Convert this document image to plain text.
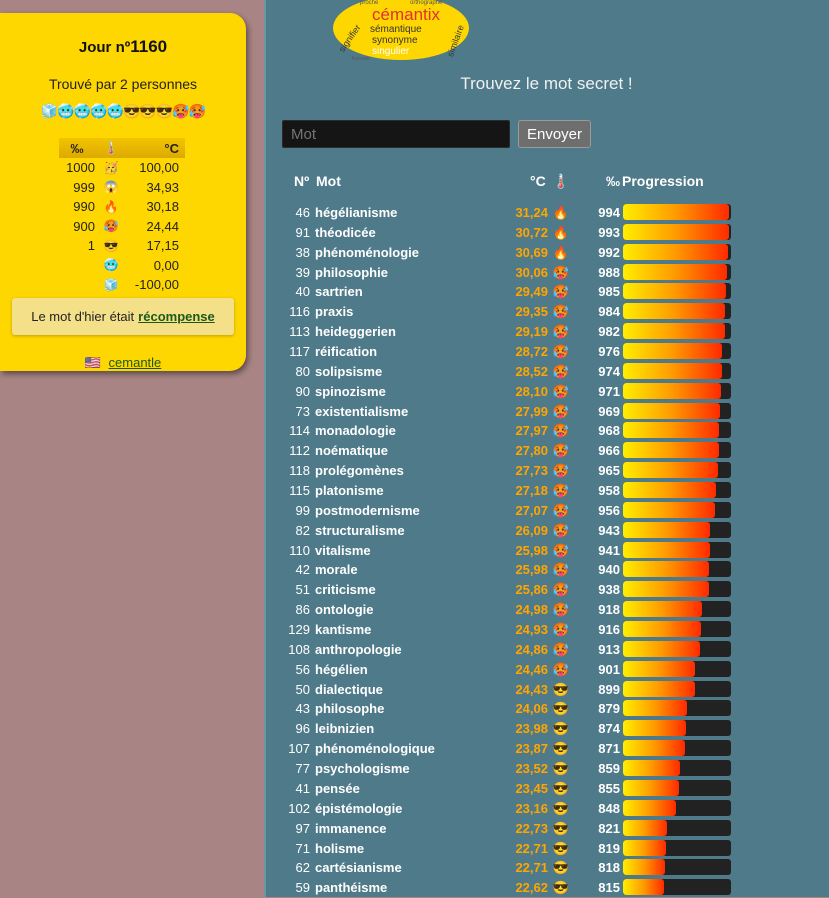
Jour nº1160
Trouvé par 2 personnes
🧊🥶🥶🥶🥶😎😎😎🥵🥵
‰	🌡️	°C
1000 🥳	100,00
999 😱	34,93
990 🔥	30,18
900 🥵	24,44
1 😎	17,15
🥶	0,00
🧊	-100,00
Le mot d'hier était récompense
🇺🇸 cemantle
proche	orthographe
cémantix
sémantique
synonyme
signifier singulier	similaire
français
Trouvez le mot secret !
Mot
Envoyer
Nº Mot	°C 🌡️	‰ Progression
46 hégélianisme	31,24 🔥	994
91 théodicée	30,72 🔥	993
38 phénoménologie	30,69 🔥	992
39 philosophie	30,06 🥵	988
40 sartrien	29,49 🥵	985
116 praxis	29,35 🥵	984
113 heideggerien	29,19 🥵	982
117 réification	28,72 🥵	976
80 solipsisme	28,52 🥵	974
90 spinozisme	28,10 🥵	971
73 existentialisme	27,99 🥵	969
114 monadologie	27,97 🥵	968
112 noématique	27,80 🥵	966
118 prolégomènes	27,73 🥵	965
115 platonisme	27,18 🥵	958
99 postmodernisme	27,07 🥵	956
82 structuralisme	26,09 🥵	943
110 vitalisme	25,98 🥵	941
42 morale	25,98 🥵	940
51 criticisme	25,86 🥵	938
86 ontologie	24,98 🥵	918
129 kantisme	24,93 🥵	916
108 anthropologie	24,86 🥵	913
56 hégélien	24,46 🥵	901
50 dialectique	24,43 😎	899
43 philosophe	24,06 😎	879
96 leibnizien	23,98 😎	874
107 phénoménologique	23,87 😎	871
77 psychologisme	23,52 😎	859
41 pensée	23,45 😎	855
102 épistémologie	23,16 😎	848
97 immanence	22,73 😎	821
71 holisme	22,71 😎	819
62 cartésianisme	22,71 😎	818
59 panthéisme	22,62 😎	815
